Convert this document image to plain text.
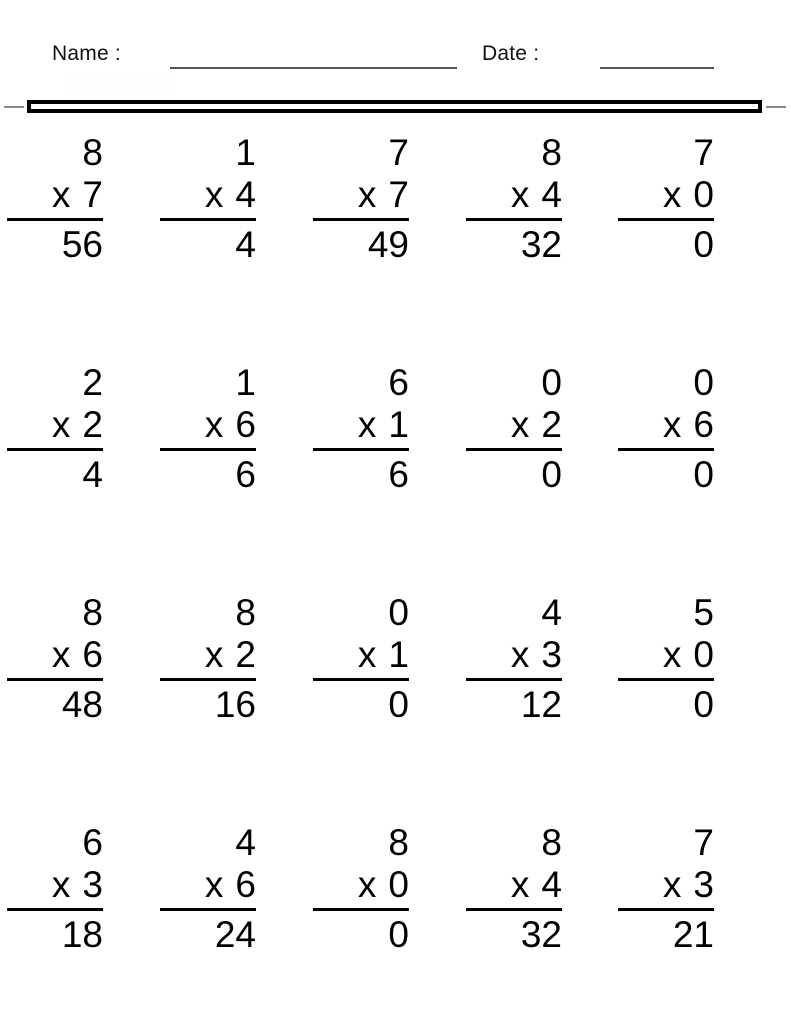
Name :	Date :
8
x 7
56
1
x 4
4
7
x 7
49
8
x 4
32
7
x 0
0
2
x 2
4
1
x 6
6
6
x 1
6
0
x 2
0
0
x 6
0
8
x 6
48
8
x 2
16
0
x 1
0
4
x 3
12
5
x 0
0
6
x 3
18
4
x 6
24
8
x 0
0
8
x 4
32
7
x 3
21
